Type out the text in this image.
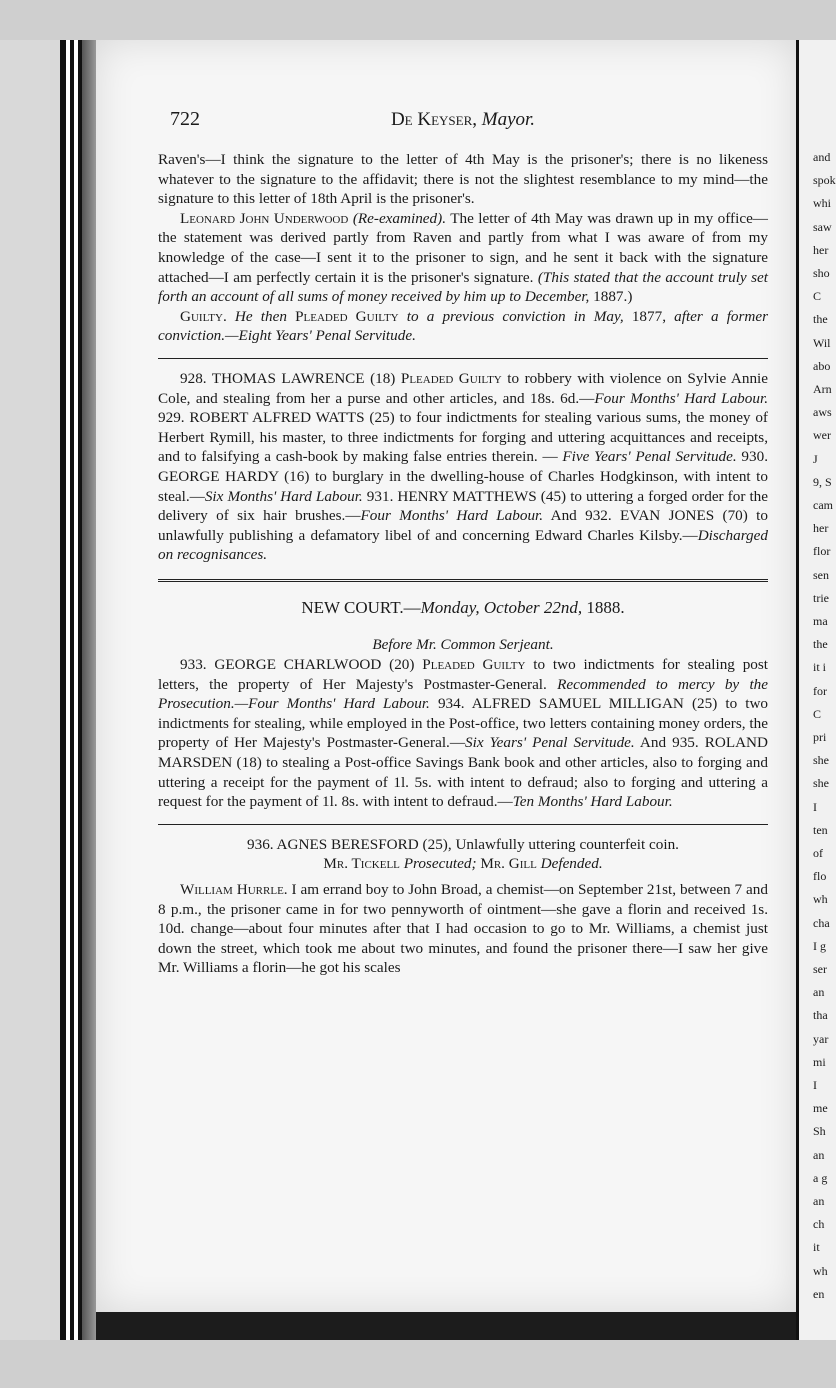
and
spok
whi
saw
her
sho
C
the
Wil
abo
Arn
aws
wer
J
9, S
cam
her
flor
sen
trie
ma
the
it i
for
C
pri
she
she
I
ten
of
flo
wh
cha
I g
ser
an
tha
yar
mi
I
me
Sh
an
a g
an
ch
it
wh
en
722	De Keyser, Mayor.

Raven's—I think the signature to the letter of 4th May is the prisoner's; there is no likeness whatever to the signature to the affidavit; there is not the slightest resemblance to my mind—the signature to this letter of 18th April is the prisoner's.

Leonard John Underwood (Re-examined). The letter of 4th May was drawn up in my office—the statement was derived partly from Raven and partly from what I was aware of from my knowledge of the case—I sent it to the prisoner to sign, and he sent it back with the signature attached—I am perfectly certain it is the prisoner's signature. (This stated that the account truly set forth an account of all sums of money received by him up to December, 1887.)

Guilty. He then Pleaded Guilty to a previous conviction in May, 1877, after a former conviction.—Eight Years' Penal Servitude.

928. THOMAS LAWRENCE (18) Pleaded Guilty to robbery with violence on Sylvie Annie Cole, and stealing from her a purse and other articles, and 18s. 6d.—Four Months' Hard Labour. 929. ROBERT ALFRED WATTS (25) to four indictments for stealing various sums, the money of Herbert Rymill, his master, to three indictments for forging and uttering acquittances and receipts, and to falsifying a cash-book by making false entries therein. — Five Years' Penal Servitude. 930. GEORGE HARDY (16) to burglary in the dwelling-house of Charles Hodgkinson, with intent to steal.—Six Months' Hard Labour. 931. HENRY MATTHEWS (45) to uttering a forged order for the delivery of six hair brushes.—Four Months' Hard Labour. And 932. EVAN JONES (70) to unlawfully publishing a defamatory libel of and concerning Edward Charles Kilsby.—Discharged on recognisances.

NEW COURT.—Monday, October 22nd, 1888.
Before Mr. Common Serjeant.

933. GEORGE CHARLWOOD (20) Pleaded Guilty to two indictments for stealing post letters, the property of Her Majesty's Postmaster-General. Recommended to mercy by the Prosecution.—Four Months' Hard Labour. 934. ALFRED SAMUEL MILLIGAN (25) to two indictments for stealing, while employed in the Post-office, two letters containing money orders, the property of Her Majesty's Postmaster-General.—Six Years' Penal Servitude. And 935. ROLAND MARSDEN (18) to stealing a Post-office Savings Bank book and other articles, also to forging and uttering a receipt for the payment of 1l. 5s. with intent to defraud; also to forging and uttering a request for the payment of 1l. 8s. with intent to defraud.—Ten Months' Hard Labour.

936. AGNES BERESFORD (25), Unlawfully uttering counterfeit coin.

Mr. Tickell Prosecuted; Mr. Gill Defended.

William Hurrle. I am errand boy to John Broad, a chemist—on September 21st, between 7 and 8 p.m., the prisoner came in for two pennyworth of ointment—she gave a florin and received 1s. 10d. change—about four minutes after that I had occasion to go to Mr. Williams, a chemist just down the street, which took me about two minutes, and found the prisoner there—I saw her give Mr. Williams a florin—he got his scales
